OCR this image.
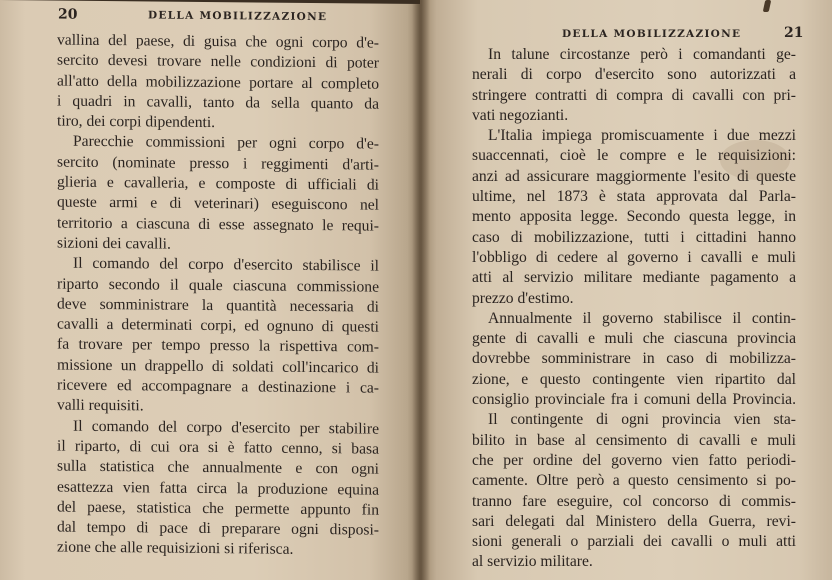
20	DELLA MOBILIZZAZIONE
vallina del paese, di guisa che ogni corpo d'e-
sercito devesi trovare nelle condizioni di poter
all'atto della mobilizzazione portare al completo
i quadri in cavalli, tanto da sella quanto da
tiro, dei corpi dipendenti.
Parecchie commissioni per ogni corpo d'e-
sercito (nominate presso i reggimenti d'arti-
glieria e cavalleria, e composte di ufficiali di
queste armi e di veterinari) eseguiscono nel
territorio a ciascuna di esse assegnato le requi-
sizioni dei cavalli.
Il comando del corpo d'esercito stabilisce il
riparto secondo il quale ciascuna commissione
deve somministrare la quantità necessaria di
cavalli a determinati corpi, ed ognuno di questi
fa trovare per tempo presso la rispettiva com-
missione un drappello di soldati coll'incarico di
ricevere ed accompagnare a destinazione i ca-
valli requisiti.
Il comando del corpo d'esercito per stabilire
il riparto, di cui ora si è fatto cenno, si basa
sulla statistica che annualmente e con ogni
esattezza vien fatta circa la produzione equina
del paese, statistica che permette appunto fin
dal tempo di pace di preparare ogni disposi-
zione che alle requisizioni si riferisca.
DELLA MOBILIZZAZIONE	21
In talune circostanze però i comandanti ge-
nerali di corpo d'esercito sono autorizzati a
stringere contratti di compra di cavalli con pri-
vati negozianti.
L'Italia impiega promiscuamente i due mezzi
suaccennati, cioè le compre e le requisizioni:
anzi ad assicurare maggiormente l'esito di queste
ultime, nel 1873 è stata approvata dal Parla-
mento apposita legge. Secondo questa legge, in
caso di mobilizzazione, tutti i cittadini hanno
l'obbligo di cedere al governo i cavalli e muli
atti al servizio militare mediante pagamento a
prezzo d'estimo.
Annualmente il governo stabilisce il contin-
gente di cavalli e muli che ciascuna provincia
dovrebbe somministrare in caso di mobilizza-
zione, e questo contingente vien ripartito dal
consiglio provinciale fra i comuni della Provincia.
Il contingente di ogni provincia vien sta-
bilito in base al censimento di cavalli e muli
che per ordine del governo vien fatto periodi-
camente. Oltre però a questo censimento si po-
tranno fare eseguire, col concorso di commis-
sari delegati dal Ministero della Guerra, revi-
sioni generali o parziali dei cavalli o muli atti
al servizio militare.
